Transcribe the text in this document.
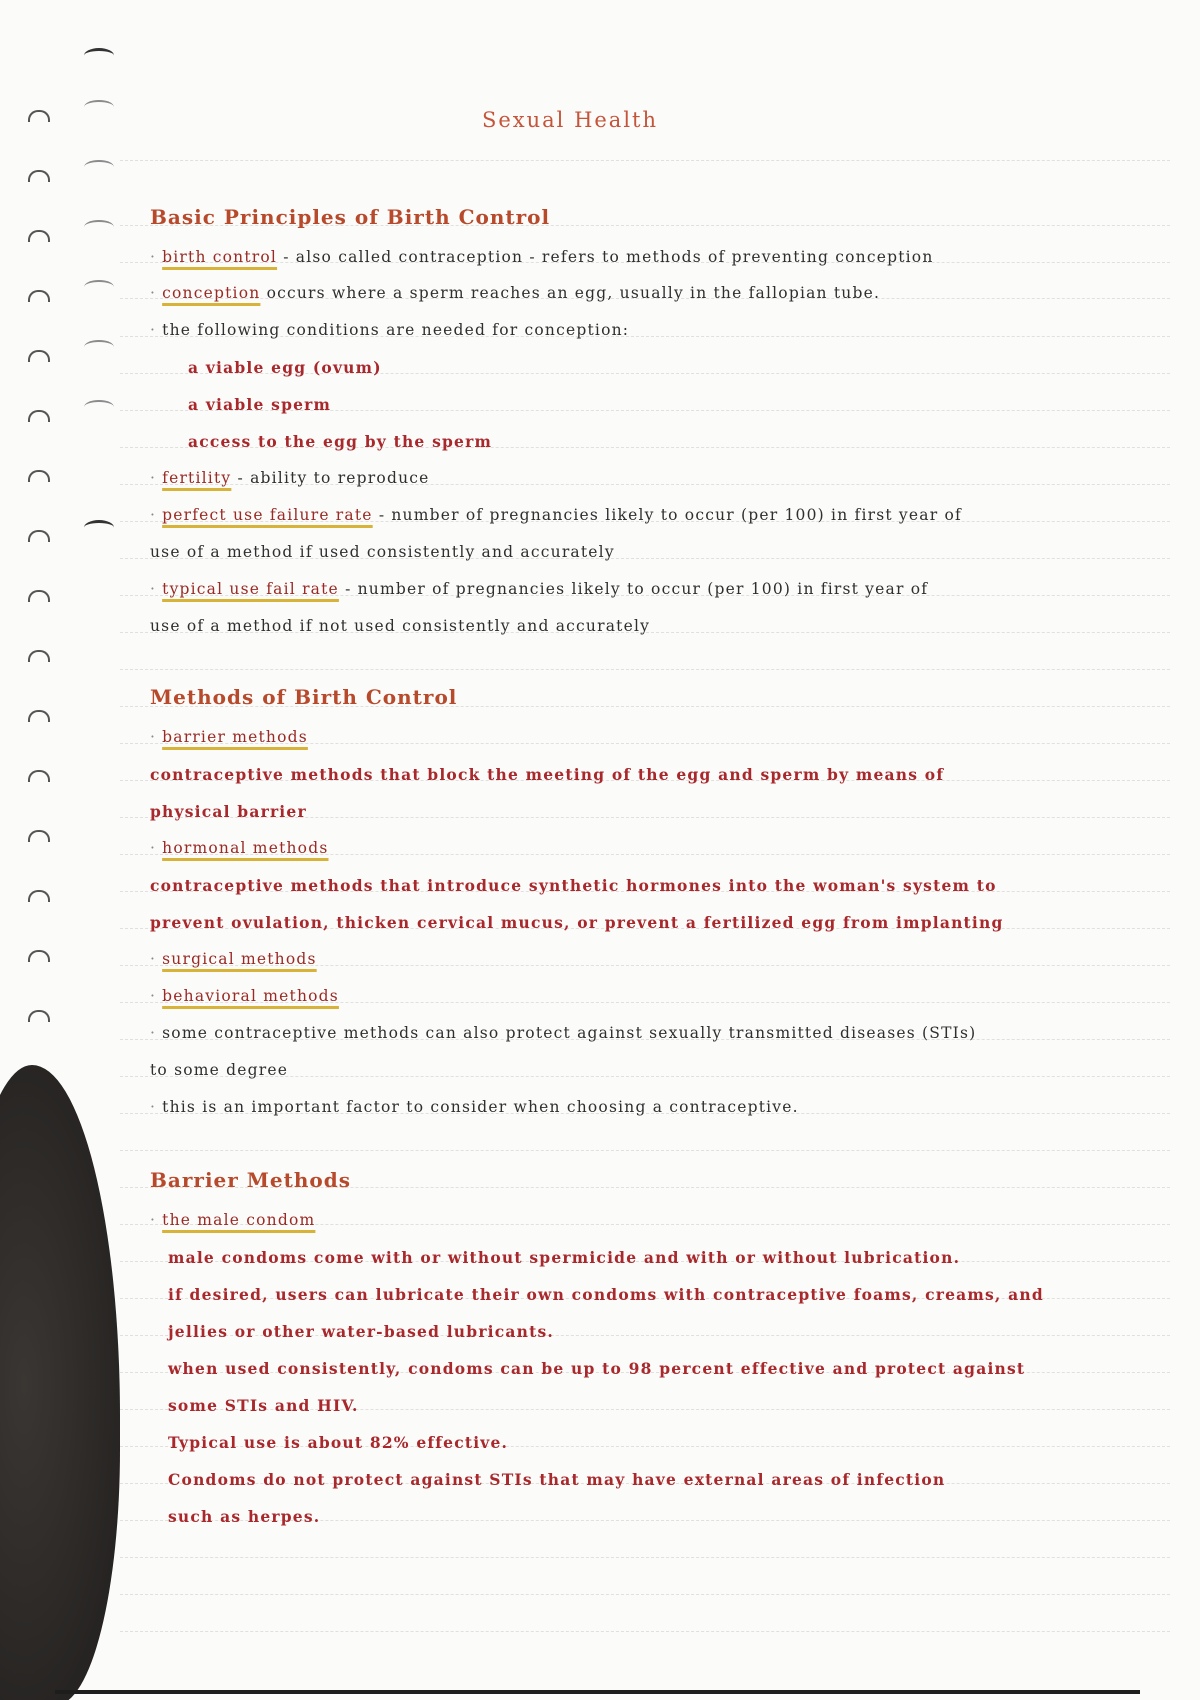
Sexual Health
Basic Principles of Birth Control
· birth control - also called contraception - refers to methods of preventing conception
· conception occurs where a sperm reaches an egg, usually in the fallopian tube.
· the following conditions are needed for conception:
a viable egg (ovum)
a viable sperm
access to the egg by the sperm
· fertility - ability to reproduce
· perfect use failure rate - number of pregnancies likely to occur (per 100) in first year of
use of a method if used consistently and accurately
· typical use fail rate - number of pregnancies likely to occur (per 100) in first year of
use of a method if not used consistently and accurately
Methods of Birth Control
· barrier methods
contraceptive methods that block the meeting of the egg and sperm by means of
physical barrier
· hormonal methods
contraceptive methods that introduce synthetic hormones into the woman's system to
prevent ovulation, thicken cervical mucus, or prevent a fertilized egg from implanting
· surgical methods
· behavioral methods
· some contraceptive methods can also protect against sexually transmitted diseases (STIs)
to some degree
· this is an important factor to consider when choosing a contraceptive.
Barrier Methods
· the male condom
male condoms come with or without spermicide and with or without lubrication.
if desired, users can lubricate their own condoms with contraceptive foams, creams, and
jellies or other water-based lubricants.
when used consistently, condoms can be up to 98 percent effective and protect against
some STIs and HIV.
Typical use is about 82% effective.
Condoms do not protect against STIs that may have external areas of infection
such as herpes.
